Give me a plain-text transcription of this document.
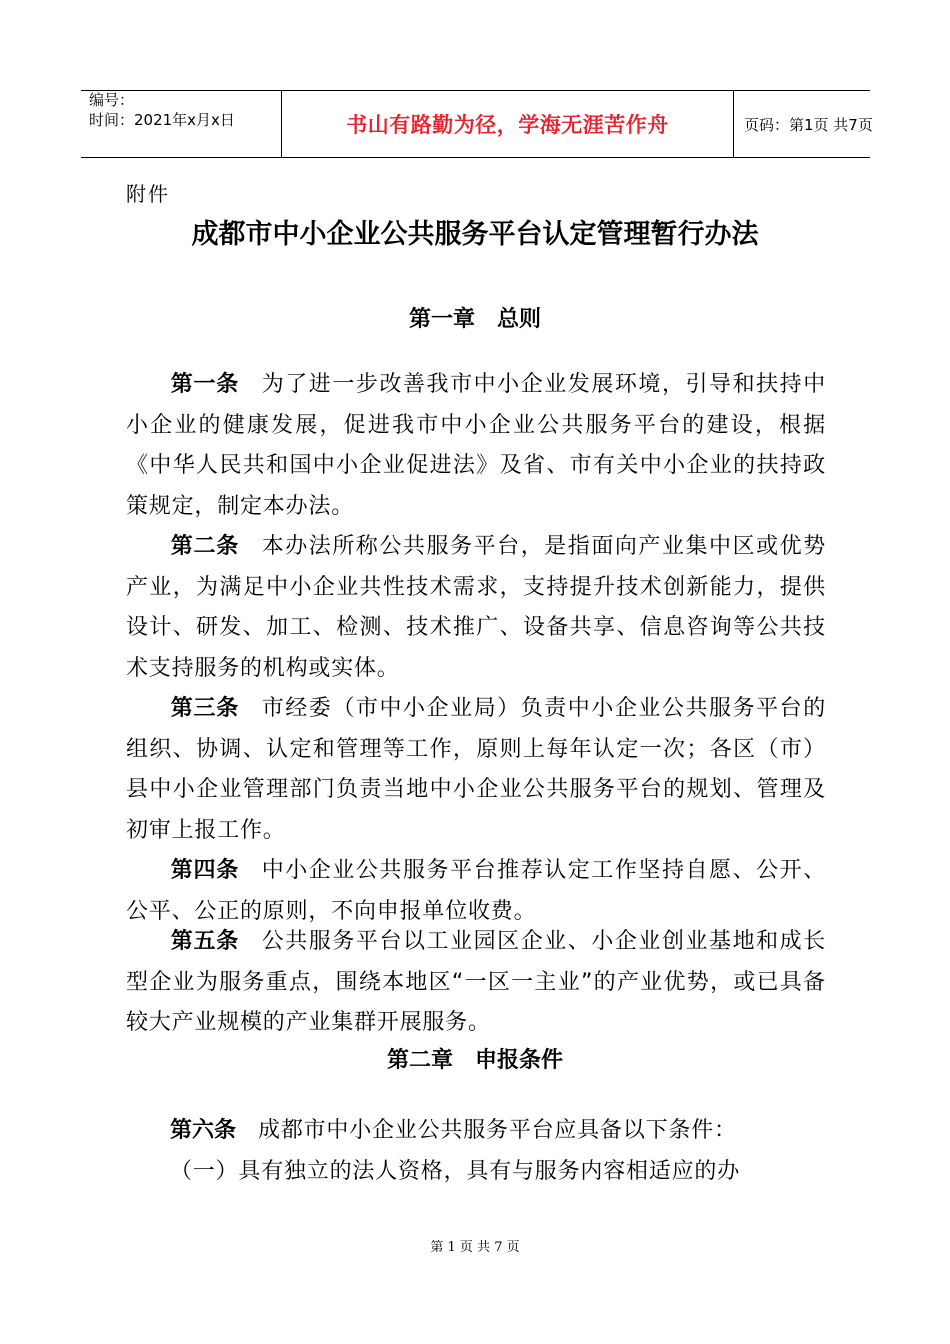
编号：
时间：2021年x月x日	书山有路勤为径，学海无涯苦作舟	页码：第1页 共7页
附件
成都市中小企业公共服务平台认定管理暂行办法
第一章　总则
第一条 为了进一步改善我市中小企业发展环境，引导和扶持中小企业的健康发展，促进我市中小企业公共服务平台的建设，根据《中华人民共和国中小企业促进法》及省、市有关中小企业的扶持政策规定，制定本办法。
第二条 本办法所称公共服务平台，是指面向产业集中区或优势产业，为满足中小企业共性技术需求，支持提升技术创新能力，提供设计、研发、加工、检测、技术推广、设备共享、信息咨询等公共技术支持服务的机构或实体。
第三条 市经委（市中小企业局）负责中小企业公共服务平台的组织、协调、认定和管理等工作，原则上每年认定一次；各区（市）县中小企业管理部门负责当地中小企业公共服务平台的规划、管理及初审上报工作。
第四条 中小企业公共服务平台推荐认定工作坚持自愿、公开、公平、公正的原则，不向申报单位收费。
第五条 公共服务平台以工业园区企业、小企业创业基地和成长型企业为服务重点，围绕本地区“一区一主业”的产业优势，或已具备较大产业规模的产业集群开展服务。
第二章　申报条件
第六条 成都市中小企业公共服务平台应具备以下条件：
（一）具有独立的法人资格，具有与服务内容相适应的办
第 1 页 共 7 页
